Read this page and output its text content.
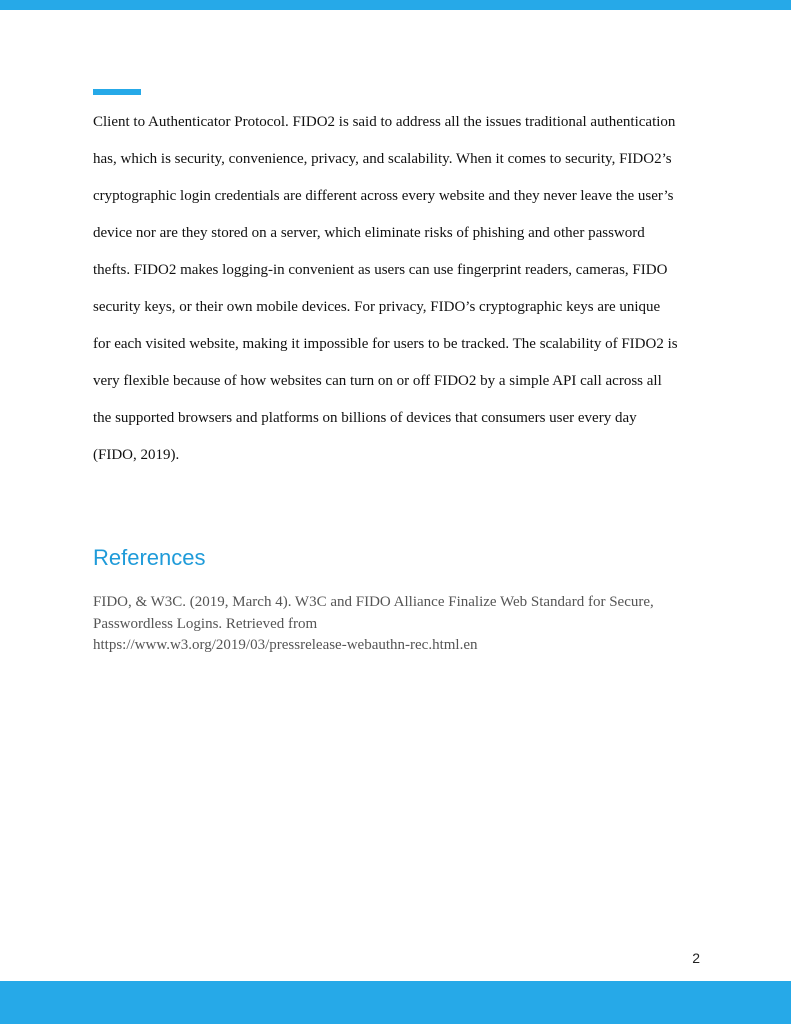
Client to Authenticator Protocol. FIDO2 is said to address all the issues traditional authentication
has, which is security, convenience, privacy, and scalability. When it comes to security, FIDO2’s
cryptographic login credentials are different across every website and they never leave the user’s
device nor are they stored on a server, which eliminate risks of phishing and other password
thefts. FIDO2 makes logging-in convenient as users can use fingerprint readers, cameras, FIDO
security keys, or their own mobile devices. For privacy, FIDO’s cryptographic keys are unique
for each visited website, making it impossible for users to be tracked. The scalability of FIDO2 is
very flexible because of how websites can turn on or off FIDO2 by a simple API call across all
the supported browsers and platforms on billions of devices that consumers user every day
(FIDO, 2019).

References

FIDO, & W3C. (2019, March 4). W3C and FIDO Alliance Finalize Web Standard for Secure,
Passwordless Logins. Retrieved from
https://www.w3.org/2019/03/pressrelease-webauthn-rec.html.en

2
